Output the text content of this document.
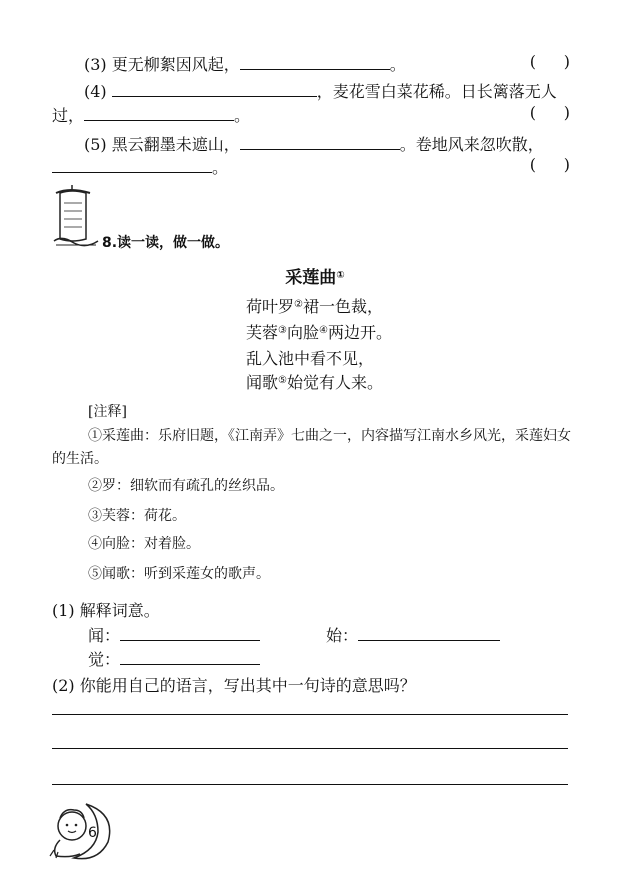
(3) 更无柳絮因风起，	。	( )
(4)	，麦花雪白菜花稀。日长篱落无人
过，	。	( )
(5) 黑云翻墨未遮山，	。卷地风来忽吹散，
。	( )
8.读一读，做一做。
采莲曲①
荷叶罗②裙一色裁，
芙蓉③向脸④两边开。
乱入池中看不见，
闻歌⑤始觉有人来。
[注释]
①采莲曲：乐府旧题，《江南弄》七曲之一，内容描写江南水乡风光，采莲妇女
的生活。
②罗：细软而有疏孔的丝织品。
③芙蓉：荷花。
④向脸：对着脸。
⑤闻歌：听到采莲女的歌声。
(1) 解释词意。
闻：	始：
觉：
(2) 你能用自己的语言，写出其中一句诗的意思吗？
6
